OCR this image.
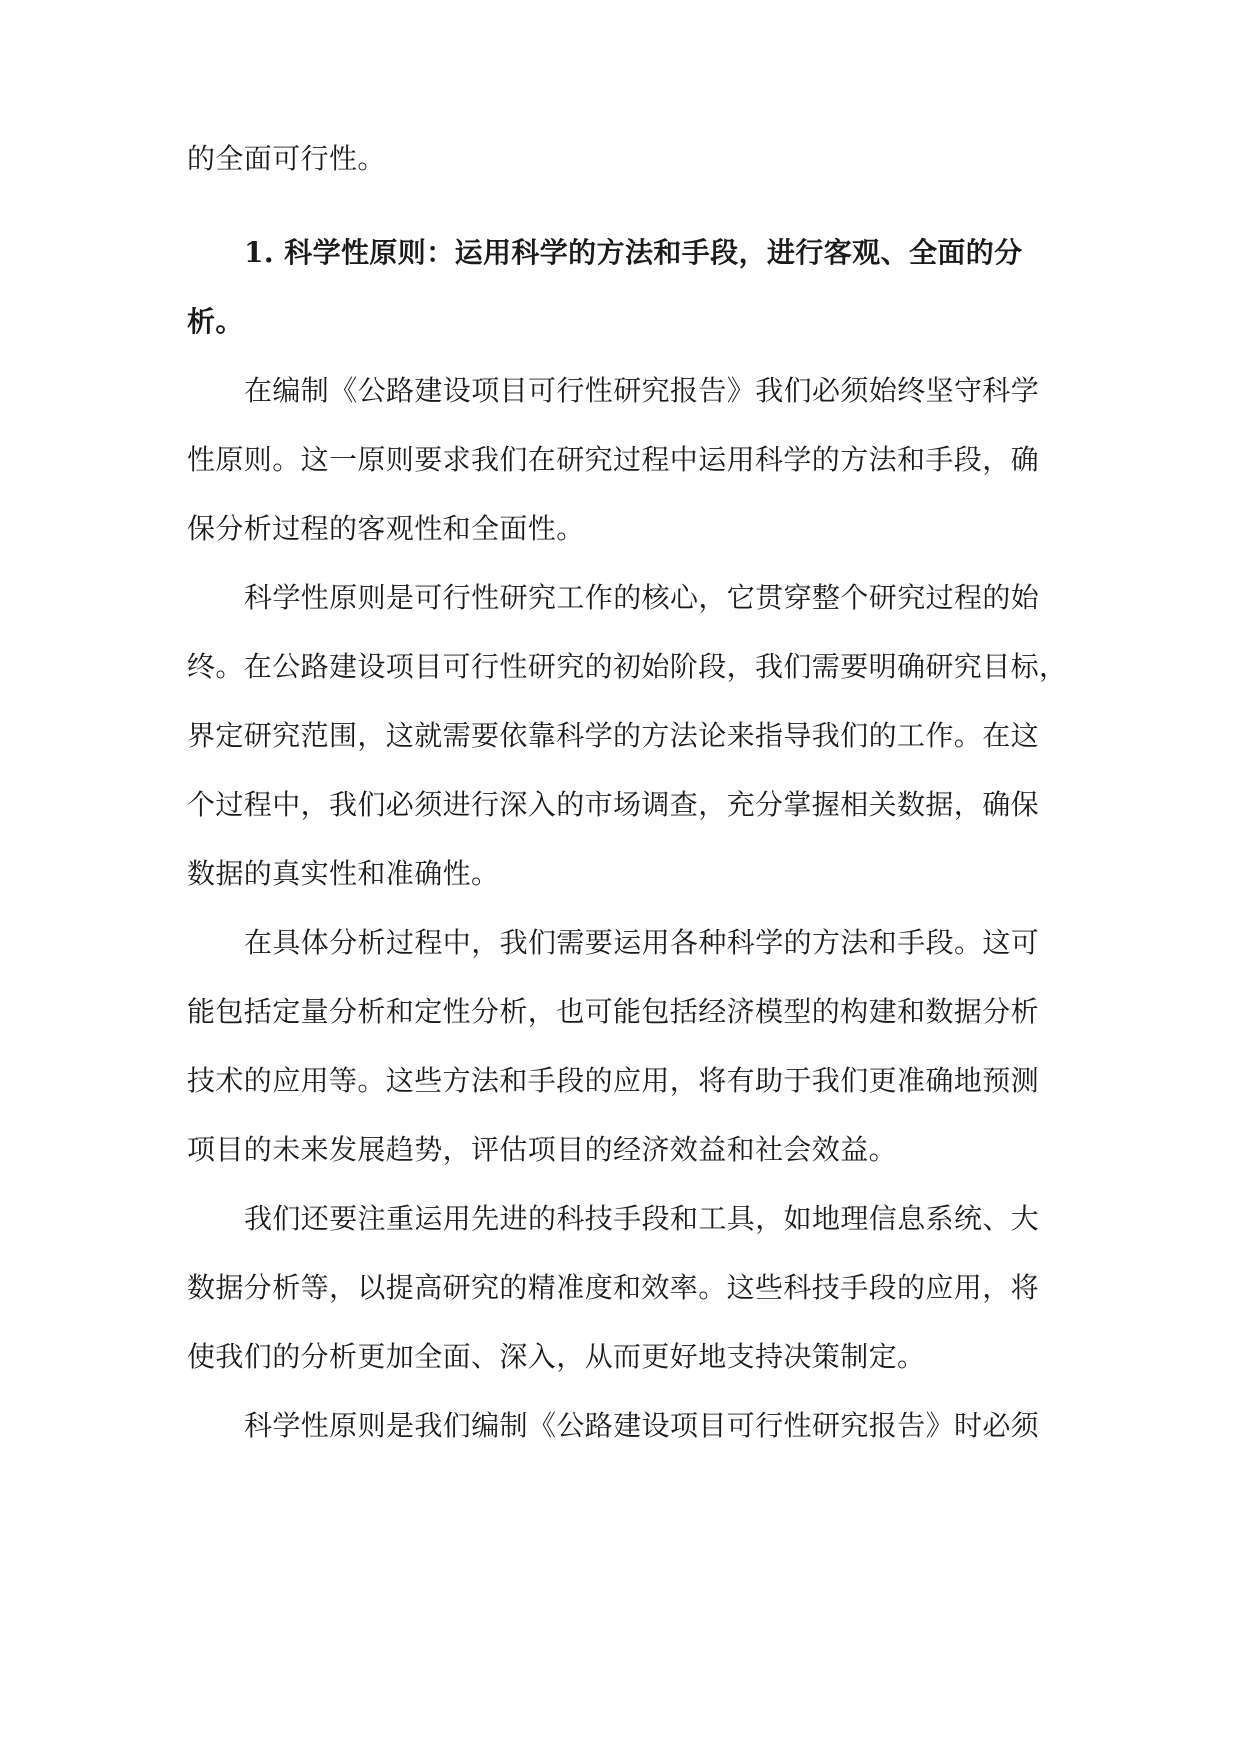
的全面可行性。
1. 科学性原则：运用科学的方法和手段，进行客观、全面的分
析。
在编制《公路建设项目可行性研究报告》我们必须始终坚守科学
性原则。这一原则要求我们在研究过程中运用科学的方法和手段，确
保分析过程的客观性和全面性。
科学性原则是可行性研究工作的核心，它贯穿整个研究过程的始
终。在公路建设项目可行性研究的初始阶段，我们需要明确研究目标，
界定研究范围，这就需要依靠科学的方法论来指导我们的工作。在这
个过程中，我们必须进行深入的市场调查，充分掌握相关数据，确保
数据的真实性和准确性。
在具体分析过程中，我们需要运用各种科学的方法和手段。这可
能包括定量分析和定性分析，也可能包括经济模型的构建和数据分析
技术的应用等。这些方法和手段的应用，将有助于我们更准确地预测
项目的未来发展趋势，评估项目的经济效益和社会效益。
我们还要注重运用先进的科技手段和工具，如地理信息系统、大
数据分析等，以提高研究的精准度和效率。这些科技手段的应用，将
使我们的分析更加全面、深入，从而更好地支持决策制定。
科学性原则是我们编制《公路建设项目可行性研究报告》时必须
